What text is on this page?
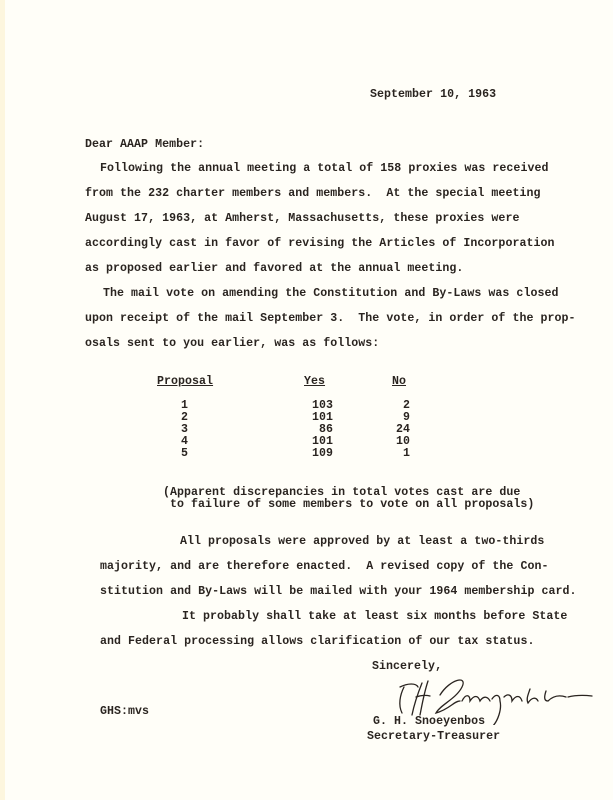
September 10, 1963
Dear AAAP Member:
Following the annual meeting a total of 158 proxies was received
from the 232 charter members and members.  At the special meeting
August 17, 1963, at Amherst, Massachusetts, these proxies were
accordingly cast in favor of revising the Articles of Incorporation
as proposed earlier and favored at the annual meeting.
The mail vote on amending the Constitution and By-Laws was closed
upon receipt of the mail September 3.  The vote, in order of the prop-
osals sent to you earlier, was as follows:
Proposal	Yes	No
1	103	2
2	101	9
3	86	24
4	101	10
5	109	1
(Apparent discrepancies in total votes cast are due
to failure of some members to vote on all proposals)
All proposals were approved by at least a two-thirds
majority, and are therefore enacted.  A revised copy of the Con-
stitution and By-Laws will be mailed with your 1964 membership card.
It probably shall take at least six months before State
and Federal processing allows clarification of our tax status.
Sincerely,
GHS:mvs
G. H. Snoeyenbos
Secretary-Treasurer
